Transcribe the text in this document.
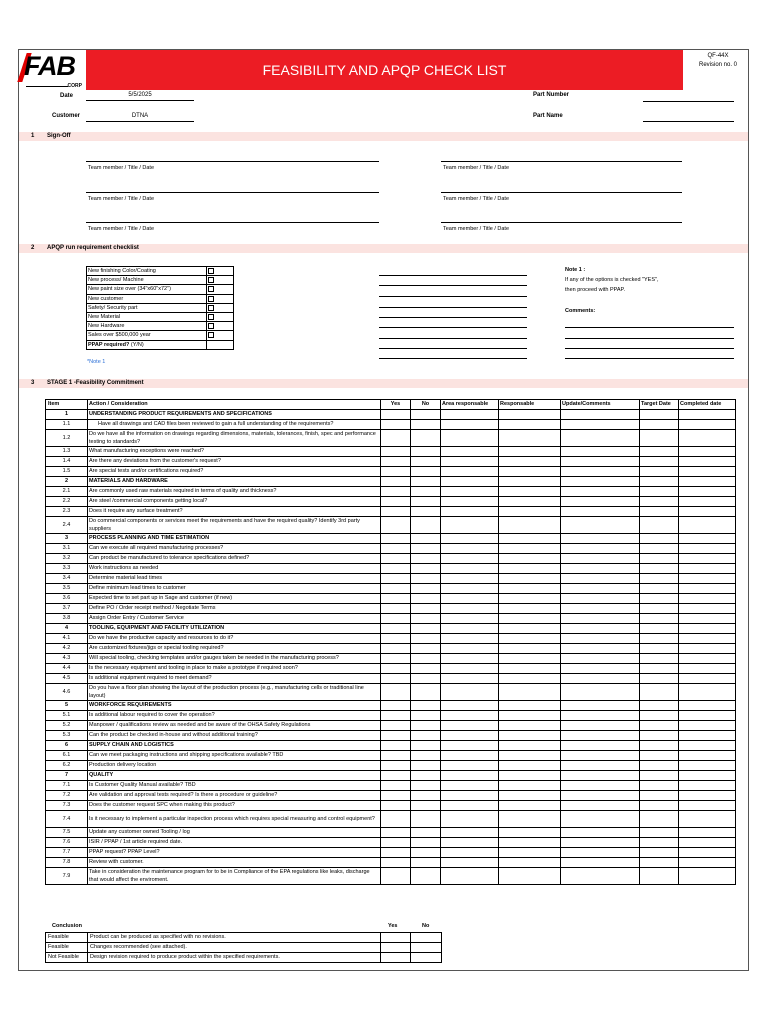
FAB
CORP
FEASIBILITY AND APQP CHECK LIST
QF-44X
Revision no. 0
Date	5/5/2025
Customer	DTNA
Part Number
Part Name
1 Sign-Off
Team member / Title / Date	Team member / Title / Date
Team member / Title / Date	Team member / Title / Date
Team member / Title / Date	Team member / Title / Date
2 APQP run requirement checklist
New finishing Color/Coating	

New process/ Machine	

New paint size over (34"x60"x72")	

New customer	

Safety/ Security part	

New Material	

New Hardware	

Sales over $500,000 year	

PPAP required? (Y/N)	
*Note 1
Note 1 :
If any of the options is checked "YES",
then proceed with PPAP.
Comments:
3 STAGE 1 -Feasibility Commitment
Item	Action / Consideration	Yes	No	Area responsable	Responsable	Update/Comments	Target Date	Completed date
1	UNDERSTANDING PRODUCT REQUIREMENTS AND SPECIFICATIONS							
1.1	Have all drawings and CAD files been reviewed to gain a full understanding of the requirements?							
1.2	Do we have all the information on drawings regarding dimensions, materials, tolerances, finish, spec and performance testing to standards?							
1.3	What manufacturing exceptions were reached?							
1.4	Are there any deviations from the customer's request?							
1.5	Are special tests and/or certifications required?							
2	MATERIALS AND HARDWARE							
2.1	Are commonly used raw materials required in terms of quality and thickness?							
2.2	Are steel /commercial components getting local?							
2.3	Does it require any surface treatment?							
2.4	Do commercial components or services meet the requirements and have the required quality? Identify 3rd party suppliers							
3	PROCESS PLANNING AND TIME ESTIMATION							
3.1	Can we execute all required manufacturing processes?							
3.2	Can product be manufactured to tolerance specifications defined?							
3.3	Work instructions as needed							
3.4	Determine material lead times							
3.5	Define minimum lead times to customer							
3.6	Expected time to set part up in Sage and customer (if new)							
3.7	Define PO / Order receipt method / Negotiate Terms							
3.8	Assign Order Entry / Customer Service							
4	TOOLING, EQUIPMENT AND FACILITY UTILIZATION							
4.1	Do we have the productive capacity and resources to do it?							
4.2	Are customized fixtures/jigs or special tooling required?							
4.3	Will special tooling, checking templates and/or gauges taken be needed in the manufacturing process?							
4.4	Is the necessary equipment and tooling in place to make a prototype if required soon?							
4.5	Is additional equipment required to meet demand?							
4.6	Do you have a floor plan showing the layout of the production process (e.g., manufacturing cells or traditional line layout)							
5	WORKFORCE REQUIREMENTS							
5.1	Is additional labour required to cover the operation?							
5.2	Manpower / qualifications review as needed and be aware of the OHSA Safety Regulations							
5.3	Can the product be checked in-house and without additional training?							
6	SUPPLY CHAIN AND LOGISTICS							
6.1	Can we meet packaging instructions and shipping specifications available? TBD							
6.2	Production delivery location							
7	QUALITY							
7.1	Is Customer Quality Manual available? TBD							
7.2	Are validation and approval tests required? Is there a procedure or guideline?							
7.3	Does the customer request SPC when making this product?							
7.4	Is it necessary to implement a particular inspection process which requires special measuring and control equipment?							
7.5	Update any customer owned Tooling / log							
7.6	ISIR / PPAP / 1st article required date.							
7.7	PPAP request? PPAP Level?							
7.8	Review with customer.							
7.9	Take in consideration the maintenance program for to be in Compliance of the EPA regulations like leaks, discharge that would affect the enviroment.							
Conclusion	Yes	No
Feasible	Product can be produced as specified with no revisions.		
Feasible	Changes recommended (see attached).		
Not Feasible	Design revision required to produce product within the specified requirements.		
